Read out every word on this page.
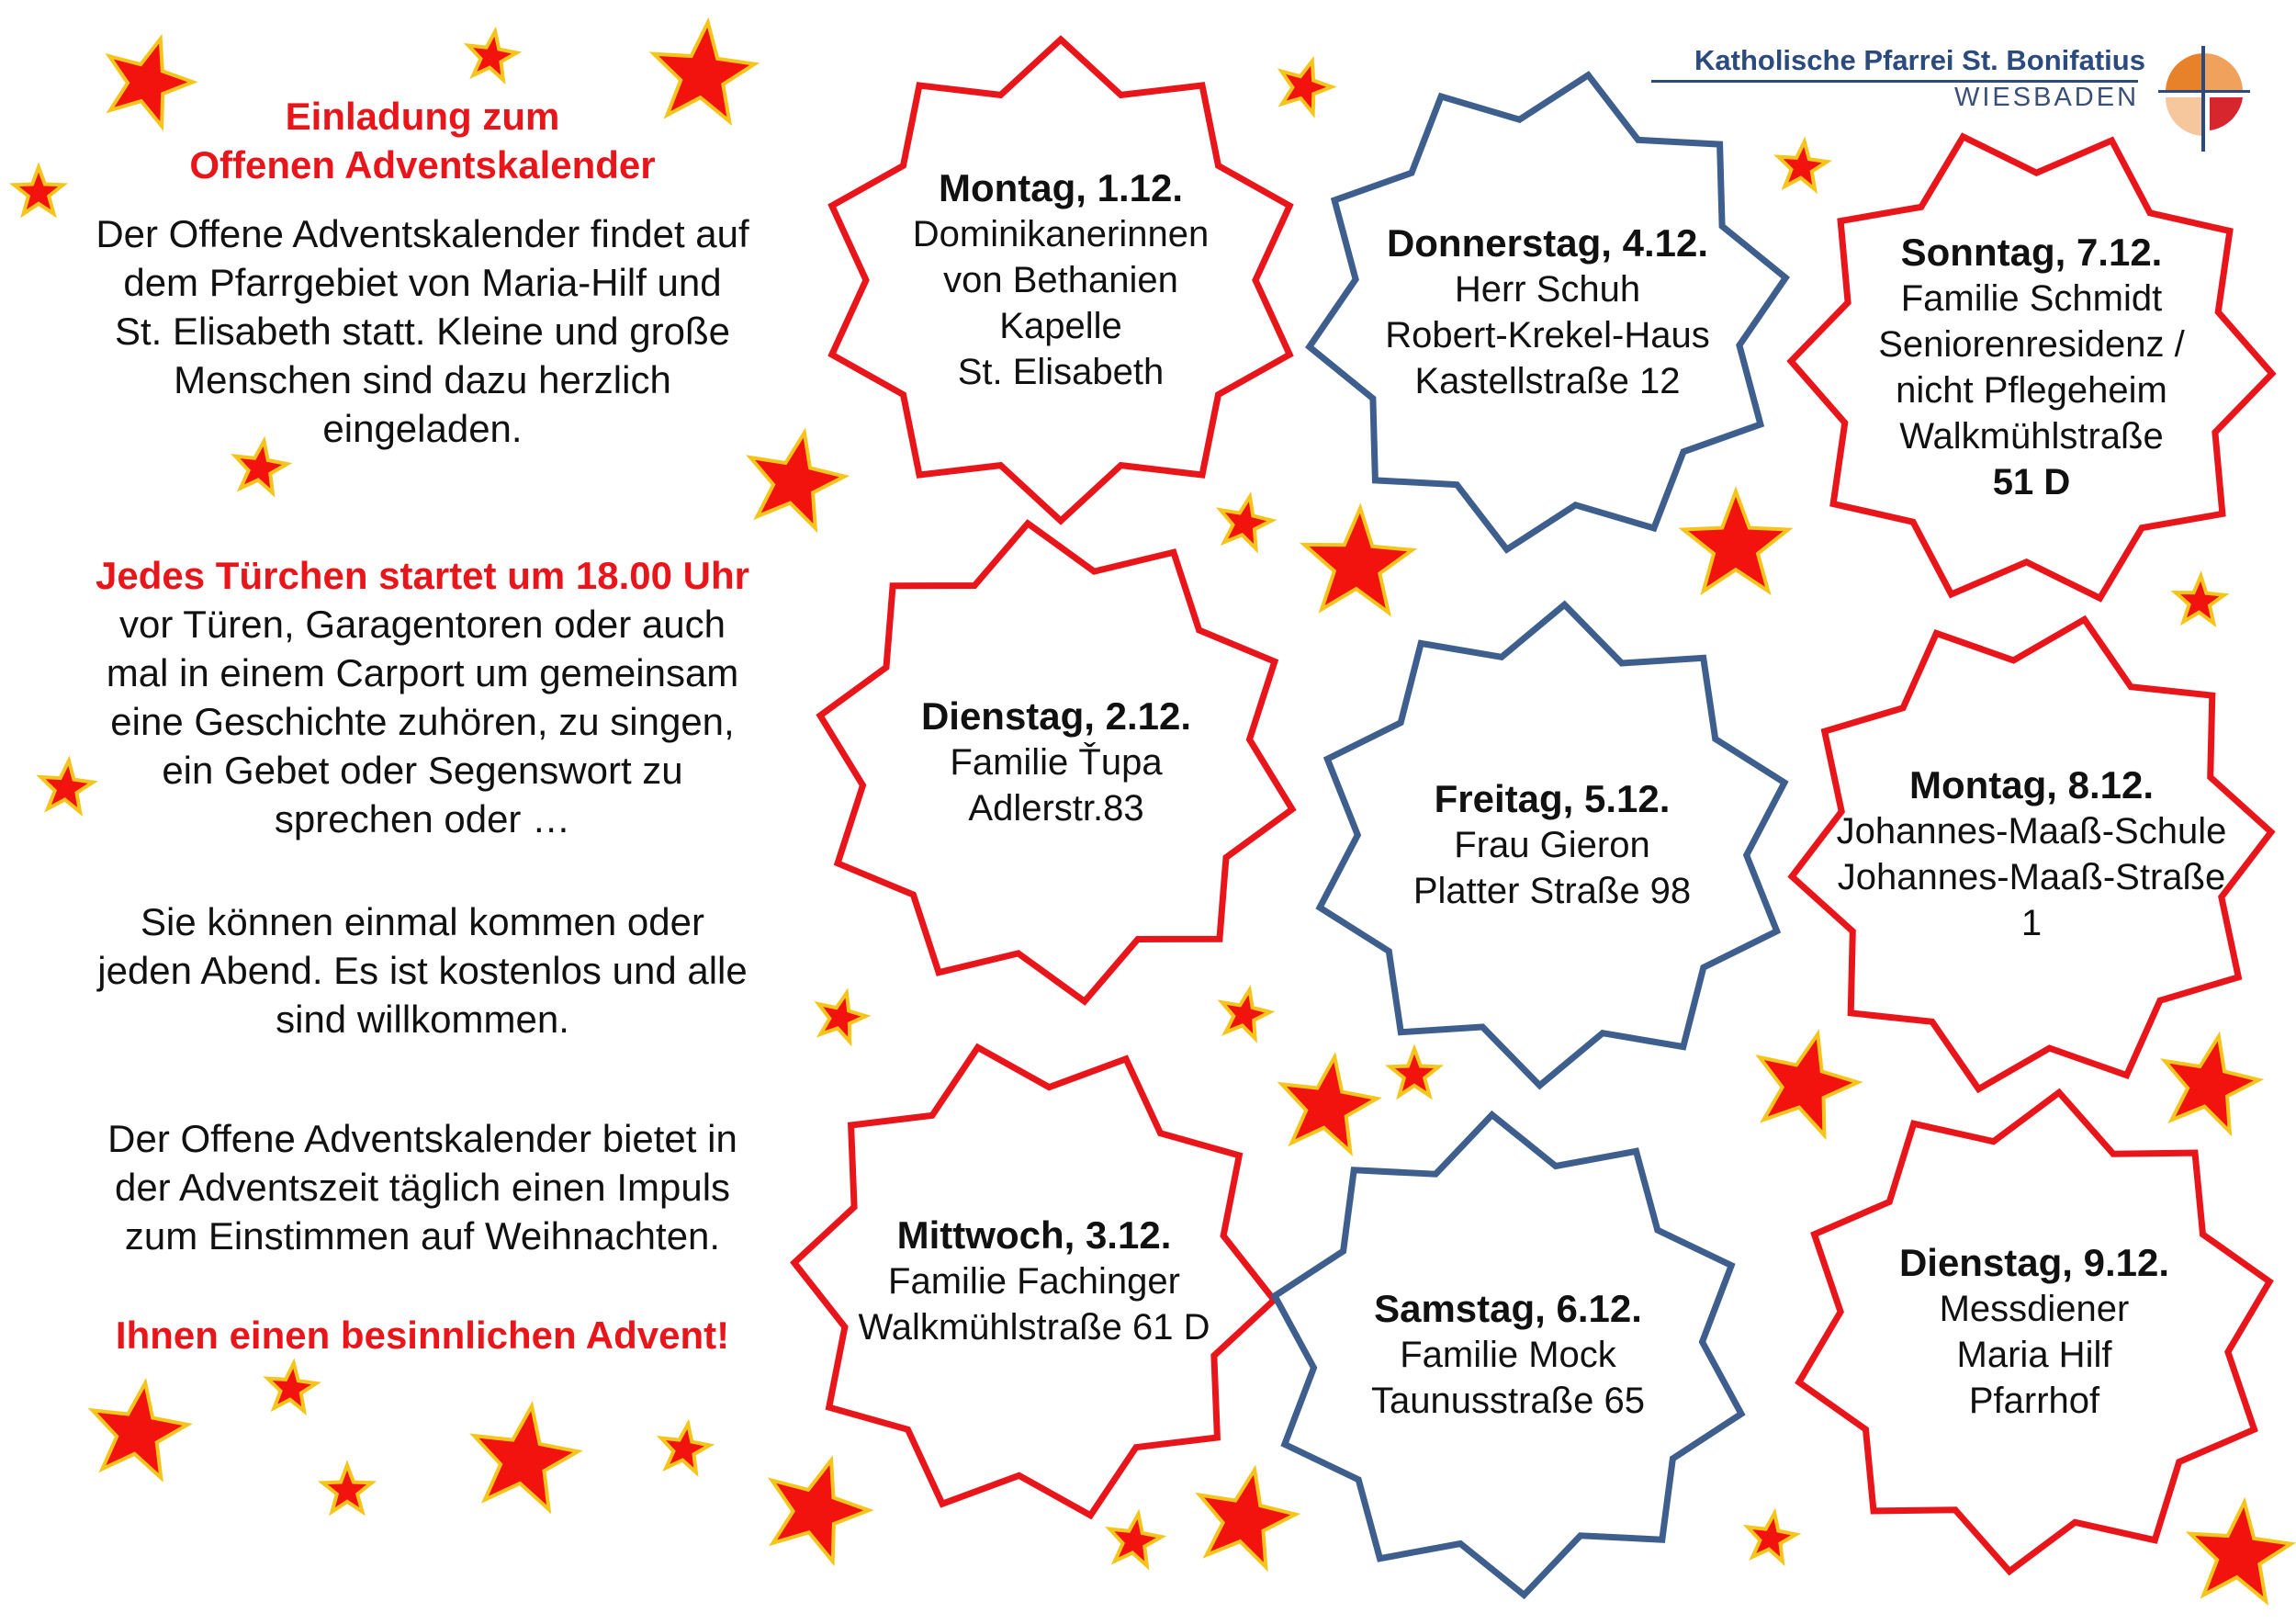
Katholische Pfarrei St. Bonifatius
WIESBADEN
Einladung zum
Offenen Adventskalender
Der Offene Adventskalender findet auf
dem Pfarrgebiet von Maria-Hilf und
St. Elisabeth statt. Kleine und große
Menschen sind dazu herzlich
eingeladen.
Jedes Türchen startet um 18.00 Uhr
vor Türen, Garagentoren oder auch
mal in einem Carport um gemeinsam
eine Geschichte zuhören, zu singen,
ein Gebet oder Segenswort zu
sprechen oder …
Sie können einmal kommen oder
jeden Abend. Es ist kostenlos und alle
sind willkommen.
Der Offene Adventskalender bietet in
der Adventszeit täglich einen Impuls
zum Einstimmen auf Weihnachten.
Ihnen einen besinnlichen Advent!
Montag, 1.12.
Dominikanerinnen
von Bethanien
Kapelle
St. Elisabeth
Donnerstag, 4.12.
Herr Schuh
Robert-Krekel-Haus
Kastellstraße 12
Sonntag, 7.12.
Familie Schmidt
Seniorenresidenz /
nicht Pflegeheim
Walkmühlstraße
51 D
Dienstag, 2.12.
Familie Ťupa
Adlerstr.83	Freitag, 5.12.
Frau Gieron
Platter Straße 98
Montag, 8.12.
Johannes-Maaß-Schule
Johannes-Maaß-Straße
1
Mittwoch, 3.12.
Familie Fachinger
Walkmühlstraße 61 D	Samstag, 6.12.
Familie Mock
Taunusstraße 65
Dienstag, 9.12.
Messdiener
Maria Hilf
Pfarrhof
